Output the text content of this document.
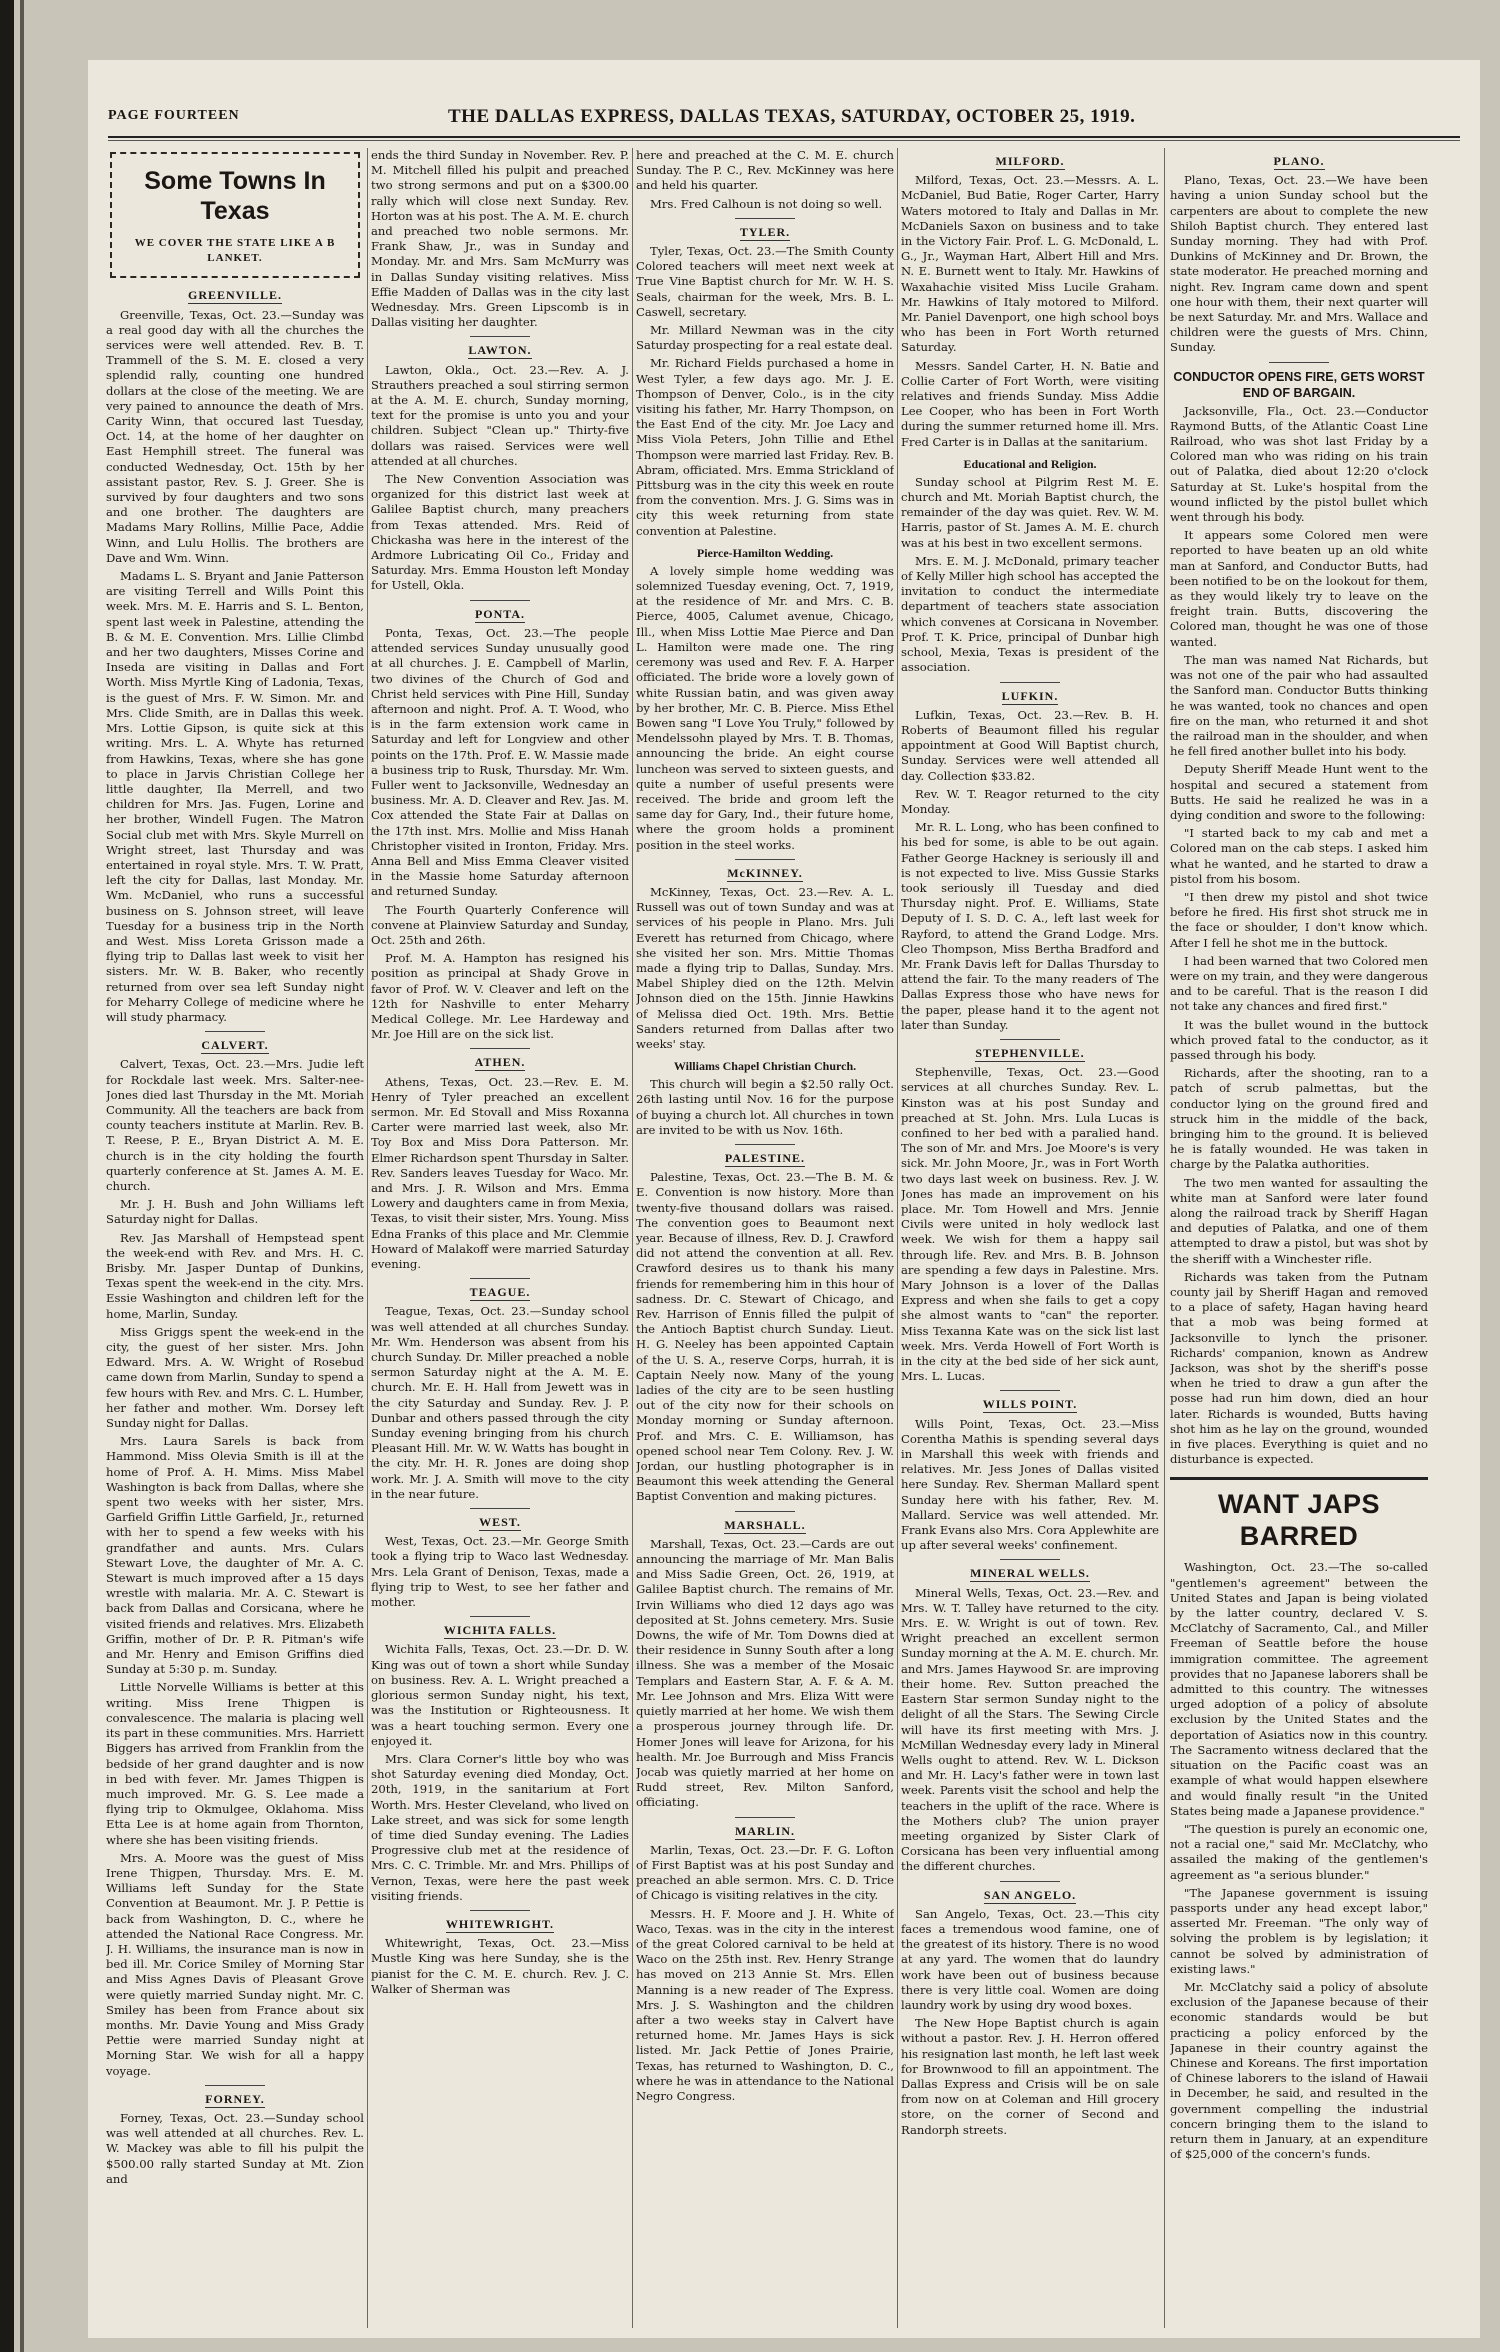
PAGE FOURTEEN	THE DALLAS EXPRESS, DALLAS TEXAS, SATURDAY, OCTOBER 25, 1919.
Some Towns In Texas
WE COVER THE STATE LIKE A B LANKET.
GREENVILLE.

Greenville, Texas, Oct. 23.—Sunday was a real good day with all the churches the services were well attended. Rev. B. T. Trammell of the S. M. E. closed a very splendid rally, counting one hundred dollars at the close of the meeting. We are very pained to announce the death of Mrs. Carity Winn, that occured last Tuesday, Oct. 14, at the home of her daughter on East Hemphill street. The funeral was conducted Wednesday, Oct. 15th by her assistant pastor, Rev. S. J. Greer. She is survived by four daughters and two sons and one brother. The daughters are Madams Mary Rollins, Millie Pace, Addie Winn, and Lulu Hollis. The brothers are Dave and Wm. Winn.

Madams L. S. Bryant and Janie Patterson are visiting Terrell and Wills Point this week. Mrs. M. E. Harris and S. L. Benton, spent last week in Palestine, attending the B. & M. E. Convention. Mrs. Lillie Climbd and her two daughters, Misses Corine and Inseda are visiting in Dallas and Fort Worth. Miss Myrtle King of Ladonia, Texas, is the guest of Mrs. F. W. Simon. Mr. and Mrs. Clide Smith, are in Dallas this week. Mrs. Lottie Gipson, is quite sick at this writing. Mrs. L. A. Whyte has returned from Hawkins, Texas, where she has gone to place in Jarvis Christian College her little daughter, Ila Merrell, and two children for Mrs. Jas. Fugen, Lorine and her brother, Windell Fugen. The Matron Social club met with Mrs. Skyle Murrell on Wright street, last Thursday and was entertained in royal style. Mrs. T. W. Pratt, left the city for Dallas, last Monday. Mr. Wm. McDaniel, who runs a successful business on S. Johnson street, will leave Tuesday for a business trip in the North and West. Miss Loreta Grisson made a flying trip to Dallas last week to visit her sisters. Mr. W. B. Baker, who recently returned from over sea left Sunday night for Meharry College of medicine where he will study pharmacy.

CALVERT.

Calvert, Texas, Oct. 23.—Mrs. Judie left for Rockdale last week. Mrs. Salter-nee-Jones died last Thursday in the Mt. Moriah Community. All the teachers are back from county teachers institute at Marlin. Rev. B. T. Reese, P. E., Bryan District A. M. E. church is in the city holding the fourth quarterly conference at St. James A. M. E. church.

Mr. J. H. Bush and John Williams left Saturday night for Dallas.

Rev. Jas Marshall of Hempstead spent the week-end with Rev. and Mrs. H. C. Brisby. Mr. Jasper Duntap of Dunkins, Texas spent the week-end in the city. Mrs. Essie Washington and children left for the home, Marlin, Sunday.

Miss Griggs spent the week-end in the city, the guest of her sister. Mrs. John Edward. Mrs. A. W. Wright of Rosebud came down from Marlin, Sunday to spend a few hours with Rev. and Mrs. C. L. Humber, her father and mother. Wm. Dorsey left Sunday night for Dallas.

Mrs. Laura Sarels is back from Hammond. Miss Olevia Smith is ill at the home of Prof. A. H. Mims. Miss Mabel Washington is back from Dallas, where she spent two weeks with her sister, Mrs. Garfield Griffin Little Garfield, Jr., returned with her to spend a few weeks with his grandfather and aunts. Mrs. Culars Stewart Love, the daughter of Mr. A. C. Stewart is much improved after a 15 days wrestle with malaria. Mr. A. C. Stewart is back from Dallas and Corsicana, where he visited friends and relatives. Mrs. Elizabeth Griffin, mother of Dr. P. R. Pitman's wife and Mr. Henry and Emison Griffins died Sunday at 5:30 p. m. Sunday.

Little Norvelle Williams is better at this writing. Miss Irene Thigpen is convalescence. The malaria is placing well its part in these communities. Mrs. Harriett Biggers has arrived from Franklin from the bedside of her grand daughter and is now in bed with fever. Mr. James Thigpen is much improved. Mr. G. S. Lee made a flying trip to Okmulgee, Oklahoma. Miss Etta Lee is at home again from Thornton, where she has been visiting friends.

Mrs. A. Moore was the guest of Miss Irene Thigpen, Thursday. Mrs. E. M. Williams left Sunday for the State Convention at Beaumont. Mr. J. P. Pettie is back from Washington, D. C., where he attended the National Race Congress. Mr. J. H. Williams, the insurance man is now in bed ill. Mr. Corice Smiley of Morning Star and Miss Agnes Davis of Pleasant Grove were quietly married Sunday night. Mr. C. Smiley has been from France about six months. Mr. Davie Young and Miss Grady Pettie were married Sunday night at Morning Star. We wish for all a happy voyage.

FORNEY.

Forney, Texas, Oct. 23.—Sunday school was well attended at all churches. Rev. L. W. Mackey was able to fill his pulpit the $500.00 rally started Sunday at Mt. Zion and

ends the third Sunday in November. Rev. P. M. Mitchell filled his pulpit and preached two strong sermons and put on a $300.00 rally which will close next Sunday. Rev. Horton was at his post. The A. M. E. church and preached two noble sermons. Mr. Frank Shaw, Jr., was in Sunday and Monday. Mr. and Mrs. Sam McMurry was in Dallas Sunday visiting relatives. Miss Effie Madden of Dallas was in the city last Wednesday. Mrs. Green Lipscomb is in Dallas visiting her daughter.

LAWTON.

Lawton, Okla., Oct. 23.—Rev. A. J. Strauthers preached a soul stirring sermon at the A. M. E. church, Sunday morning, text for the promise is unto you and your children. Subject "Clean up." Thirty-five dollars was raised. Services were well attended at all churches.

The New Convention Association was organized for this district last week at Galilee Baptist church, many preachers from Texas attended. Mrs. Reid of Chickasha was here in the interest of the Ardmore Lubricating Oil Co., Friday and Saturday. Mrs. Emma Houston left Monday for Ustell, Okla.

PONTA.

Ponta, Texas, Oct. 23.—The people attended services Sunday unusually good at all churches. J. E. Campbell of Marlin, two divines of the Church of God and Christ held services with Pine Hill, Sunday afternoon and night. Prof. A. T. Wood, who is in the farm extension work came in Saturday and left for Longview and other points on the 17th. Prof. E. W. Massie made a business trip to Rusk, Thursday. Mr. Wm. Fuller went to Jacksonville, Wednesday an business. Mr. A. D. Cleaver and Rev. Jas. M. Cox attended the State Fair at Dallas on the 17th inst. Mrs. Mollie and Miss Hanah Christopher visited in Ironton, Friday. Mrs. Anna Bell and Miss Emma Cleaver visited in the Massie home Saturday afternoon and returned Sunday.

The Fourth Quarterly Conference will convene at Plainview Saturday and Sunday, Oct. 25th and 26th.

Prof. M. A. Hampton has resigned his position as principal at Shady Grove in favor of Prof. W. V. Cleaver and left on the 12th for Nashville to enter Meharry Medical College. Mr. Lee Hardeway and Mr. Joe Hill are on the sick list.

ATHEN.

Athens, Texas, Oct. 23.—Rev. E. M. Henry of Tyler preached an excellent sermon. Mr. Ed Stovall and Miss Roxanna Carter were married last week, also Mr. Toy Box and Miss Dora Patterson. Mr. Elmer Richardson spent Thursday in Salter. Rev. Sanders leaves Tuesday for Waco. Mr. and Mrs. J. R. Wilson and Mrs. Emma Lowery and daughters came in from Mexia, Texas, to visit their sister, Mrs. Young. Miss Edna Franks of this place and Mr. Clemmie Howard of Malakoff were married Saturday evening.

TEAGUE.

Teague, Texas, Oct. 23.—Sunday school was well attended at all churches Sunday. Mr. Wm. Henderson was absent from his church Sunday. Dr. Miller preached a noble sermon Saturday night at the A. M. E. church. Mr. E. H. Hall from Jewett was in the city Saturday and Sunday. Rev. J. P. Dunbar and others passed through the city Sunday evening bringing from his church Pleasant Hill. Mr. W. W. Watts has bought in the city. Mr. H. R. Jones are doing shop work. Mr. J. A. Smith will move to the city in the near future.

WEST.

West, Texas, Oct. 23.—Mr. George Smith took a flying trip to Waco last Wednesday. Mrs. Lela Grant of Denison, Texas, made a flying trip to West, to see her father and mother.

WICHITA FALLS.

Wichita Falls, Texas, Oct. 23.—Dr. D. W. King was out of town a short while Sunday on business. Rev. A. L. Wright preached a glorious sermon Sunday night, his text, was the Institution or Righteousness. It was a heart touching sermon. Every one enjoyed it.

Mrs. Clara Corner's little boy who was shot Saturday evening died Monday, Oct. 20th, 1919, in the sanitarium at Fort Worth. Mrs. Hester Cleveland, who lived on Lake street, and was sick for some length of time died Sunday evening. The Ladies Progressive club met at the residence of Mrs. C. C. Trimble. Mr. and Mrs. Phillips of Vernon, Texas, were here the past week visiting friends.

WHITEWRIGHT.

Whitewright, Texas, Oct. 23.—Miss Mustle King was here Sunday, she is the pianist for the C. M. E. church. Rev. J. C. Walker of Sherman was

here and preached at the C. M. E. church Sunday. The P. C., Rev. McKinney was here and held his quarter.

Mrs. Fred Calhoun is not doing so well.

TYLER.

Tyler, Texas, Oct. 23.—The Smith County Colored teachers will meet next week at True Vine Baptist church for Mr. W. H. S. Seals, chairman for the week, Mrs. B. L. Caswell, secretary.

Mr. Millard Newman was in the city Saturday prospecting for a real estate deal.

Mr. Richard Fields purchased a home in West Tyler, a few days ago. Mr. J. E. Thompson of Denver, Colo., is in the city visiting his father, Mr. Harry Thompson, on the East End of the city. Mr. Joe Lacy and Miss Viola Peters, John Tillie and Ethel Thompson were married last Friday. Rev. B. Abram, officiated. Mrs. Emma Strickland of Pittsburg was in the city this week en route from the convention. Mrs. J. G. Sims was in city this week returning from state convention at Palestine.

Pierce-Hamilton Wedding.

A lovely simple home wedding was solemnized Tuesday evening, Oct. 7, 1919, at the residence of Mr. and Mrs. C. B. Pierce, 4005, Calumet avenue, Chicago, Ill., when Miss Lottie Mae Pierce and Dan L. Hamilton were made one. The ring ceremony was used and Rev. F. A. Harper officiated. The bride wore a lovely gown of white Russian batin, and was given away by her brother, Mr. C. B. Pierce. Miss Ethel Bowen sang "I Love You Truly," followed by Mendelssohn played by Mrs. T. B. Thomas, announcing the bride. An eight course luncheon was served to sixteen guests, and quite a number of useful presents were received. The bride and groom left the same day for Gary, Ind., their future home, where the groom holds a prominent position in the steel works.

McKINNEY.

McKinney, Texas, Oct. 23.—Rev. A. L. Russell was out of town Sunday and was at services of his people in Plano. Mrs. Juli Everett has returned from Chicago, where she visited her son. Mrs. Mittie Thomas made a flying trip to Dallas, Sunday. Mrs. Mabel Shipley died on the 12th. Melvin Johnson died on the 15th. Jinnie Hawkins of Melissa died Oct. 19th. Mrs. Bettie Sanders returned from Dallas after two weeks' stay.

Williams Chapel Christian Church.

This church will begin a $2.50 rally Oct. 26th lasting until Nov. 16 for the purpose of buying a church lot. All churches in town are invited to be with us Nov. 16th.

PALESTINE.

Palestine, Texas, Oct. 23.—The B. M. & E. Convention is now history. More than twenty-five thousand dollars was raised. The convention goes to Beaumont next year. Because of illness, Rev. D. J. Crawford did not attend the convention at all. Rev. Crawford desires us to thank his many friends for remembering him in this hour of sadness. Dr. C. Stewart of Chicago, and Rev. Harrison of Ennis filled the pulpit of the Antioch Baptist church Sunday. Lieut. H. G. Neeley has been appointed Captain of the U. S. A., reserve Corps, hurrah, it is Captain Neely now. Many of the young ladies of the city are to be seen hustling out of the city now for their schools on Monday morning or Sunday afternoon. Prof. and Mrs. C. E. Williamson, has opened school near Tem Colony. Rev. J. W. Jordan, our hustling photographer is in Beaumont this week attending the General Baptist Convention and making pictures.

MARSHALL.

Marshall, Texas, Oct. 23.—Cards are out announcing the marriage of Mr. Man Balis and Miss Sadie Green, Oct. 26, 1919, at Galilee Baptist church. The remains of Mr. Irvin Williams who died 12 days ago was deposited at St. Johns cemetery. Mrs. Susie Downs, the wife of Mr. Tom Downs died at their residence in Sunny South after a long illness. She was a member of the Mosaic Templars and Eastern Star, A. F. & A. M. Mr. Lee Johnson and Mrs. Eliza Witt were quietly married at her home. We wish them a prosperous journey through life. Dr. Homer Jones will leave for Arizona, for his health. Mr. Joe Burrough and Miss Francis Jocab was quietly married at her home on Rudd street, Rev. Milton Sanford, officiating.

MARLIN.

Marlin, Texas, Oct. 23.—Dr. F. G. Lofton of First Baptist was at his post Sunday and preached an able sermon. Mrs. C. D. Trice of Chicago is visiting relatives in the city.

Messrs. H. F. Moore and J. H. White of Waco, Texas. was in the city in the interest of the great Colored carnival to be held at Waco on the 25th inst. Rev. Henry Strange has moved on 213 Annie St. Mrs. Ellen Manning is a new reader of The Express. Mrs. J. S. Washington and the children after a two weeks stay in Calvert have returned home. Mr. James Hays is sick listed. Mr. Jack Pettie of Jones Prairie, Texas, has returned to Washington, D. C., where he was in attendance to the National Negro Congress.

MILFORD.

Milford, Texas, Oct. 23.—Messrs. A. L. McDaniel, Bud Batie, Roger Carter, Harry Waters motored to Italy and Dallas in Mr. McDaniels Saxon on business and to take in the Victory Fair. Prof. L. G. McDonald, L. G., Jr., Wayman Hart, Albert Hill and Mrs. N. E. Burnett went to Italy. Mr. Hawkins of Waxahachie visited Miss Lucile Graham. Mr. Hawkins of Italy motored to Milford. Mr. Paniel Davenport, one high school boys who has been in Fort Worth returned Saturday.

Messrs. Sandel Carter, H. N. Batie and Collie Carter of Fort Worth, were visiting relatives and friends Sunday. Miss Addie Lee Cooper, who has been in Fort Worth during the summer returned home ill. Mrs. Fred Carter is in Dallas at the sanitarium.

Educational and Religion.

Sunday school at Pilgrim Rest M. E. church and Mt. Moriah Baptist church, the remainder of the day was quiet. Rev. W. M. Harris, pastor of St. James A. M. E. church was at his best in two excellent sermons.

Mrs. E. M. J. McDonald, primary teacher of Kelly Miller high school has accepted the invitation to conduct the intermediate department of teachers state association which convenes at Corsicana in November. Prof. T. K. Price, principal of Dunbar high school, Mexia, Texas is president of the association.

LUFKIN.

Lufkin, Texas, Oct. 23.—Rev. B. H. Roberts of Beaumont filled his regular appointment at Good Will Baptist church, Sunday. Services were well attended all day. Collection $33.82.

Rev. W. T. Reagor returned to the city Monday.

Mr. R. L. Long, who has been confined to his bed for some, is able to be out again. Father George Hackney is seriously ill and is not expected to live. Miss Gussie Starks took seriously ill Tuesday and died Thursday night. Prof. E. Williams, State Deputy of I. S. D. C. A., left last week for Rayford, to attend the Grand Lodge. Mrs. Cleo Thompson, Miss Bertha Bradford and Mr. Frank Davis left for Dallas Thursday to attend the fair. To the many readers of The Dallas Express those who have news for the paper, please hand it to the agent not later than Sunday.

STEPHENVILLE.

Stephenville, Texas, Oct. 23.—Good services at all churches Sunday. Rev. L. Kinston was at his post Sunday and preached at St. John. Mrs. Lula Lucas is confined to her bed with a paralied hand. The son of Mr. and Mrs. Joe Moore's is very sick. Mr. John Moore, Jr., was in Fort Worth two days last week on business. Rev. J. W. Jones has made an improvement on his place. Mr. Tom Howell and Mrs. Jennie Civils were united in holy wedlock last week. We wish for them a happy sail through life. Rev. and Mrs. B. B. Johnson are spending a few days in Palestine. Mrs. Mary Johnson is a lover of the Dallas Express and when she fails to get a copy she almost wants to "can" the reporter. Miss Texanna Kate was on the sick list last week. Mrs. Verda Howell of Fort Worth is in the city at the bed side of her sick aunt, Mrs. L. Lucas.

WILLS POINT.

Wills Point, Texas, Oct. 23.—Miss Corentha Mathis is spending several days in Marshall this week with friends and relatives. Mr. Jess Jones of Dallas visited here Sunday. Rev. Sherman Mallard spent Sunday here with his father, Rev. M. Mallard. Service was well attended. Mr. Frank Evans also Mrs. Cora Applewhite are up after several weeks' confinement.

MINERAL WELLS.

Mineral Wells, Texas, Oct. 23.—Rev. and Mrs. W. T. Talley have returned to the city. Mrs. E. W. Wright is out of town. Rev. Wright preached an excellent sermon Sunday morning at the A. M. E. church. Mr. and Mrs. James Haywood Sr. are improving their home. Rev. Sutton preached the Eastern Star sermon Sunday night to the delight of all the Stars. The Sewing Circle will have its first meeting with Mrs. J. McMillan Wednesday every lady in Mineral Wells ought to attend. Rev. W. L. Dickson and Mr. H. Lacy's father were in town last week. Parents visit the school and help the teachers in the uplift of the race. Where is the Mothers club? The union prayer meeting organized by Sister Clark of Corsicana has been very influential among the different churches.

SAN ANGELO.

San Angelo, Texas, Oct. 23.—This city faces a tremendous wood famine, one of the greatest of its history. There is no wood at any yard. The women that do laundry work have been out of business because there is very little coal. Women are doing laundry work by using dry wood boxes.

The New Hope Baptist church is again without a pastor. Rev. J. H. Herron offered his resignation last month, he left last week for Brownwood to fill an appointment. The Dallas Express and Crisis will be on sale from now on at Coleman and Hill grocery store, on the corner of Second and Randorph streets.

PLANO.

Plano, Texas, Oct. 23.—We have been having a union Sunday school but the carpenters are about to complete the new Shiloh Baptist church. They entered last Sunday morning. They had with Prof. Dunkins of McKinney and Dr. Brown, the state moderator. He preached morning and night. Rev. Ingram came down and spent one hour with them, their next quarter will be next Saturday. Mr. and Mrs. Wallace and children were the guests of Mrs. Chinn, Sunday.

CONDUCTOR OPENS FIRE, GETS WORST END OF BARGAIN.

Jacksonville, Fla., Oct. 23.—Conductor Raymond Butts, of the Atlantic Coast Line Railroad, who was shot last Friday by a Colored man who was riding on his train out of Palatka, died about 12:20 o'clock Saturday at St. Luke's hospital from the wound inflicted by the pistol bullet which went through his body.

It appears some Colored men were reported to have beaten up an old white man at Sanford, and Conductor Butts, had been notified to be on the lookout for them, as they would likely try to leave on the freight train. Butts, discovering the Colored man, thought he was one of those wanted.

The man was named Nat Richards, but was not one of the pair who had assaulted the Sanford man. Conductor Butts thinking he was wanted, took no chances and open fire on the man, who returned it and shot the railroad man in the shoulder, and when he fell fired another bullet into his body.

Deputy Sheriff Meade Hunt went to the hospital and secured a statement from Butts. He said he realized he was in a dying condition and swore to the following:

"I started back to my cab and met a Colored man on the cab steps. I asked him what he wanted, and he started to draw a pistol from his bosom.

"I then drew my pistol and shot twice before he fired. His first shot struck me in the face or shoulder, I don't know which. After I fell he shot me in the buttock.

I had been warned that two Colored men were on my train, and they were dangerous and to be careful. That is the reason I did not take any chances and fired first."

It was the bullet wound in the buttock which proved fatal to the conductor, as it passed through his body.

Richards, after the shooting, ran to a patch of scrub palmettas, but the conductor lying on the ground fired and struck him in the middle of the back, bringing him to the ground. It is believed he is fatally wounded. He was taken in charge by the Palatka authorities.

The two men wanted for assaulting the white man at Sanford were later found along the railroad track by Sheriff Hagan and deputies of Palatka, and one of them attempted to draw a pistol, but was shot by the sheriff with a Winchester rifle.

Richards was taken from the Putnam county jail by Sheriff Hagan and removed to a place of safety, Hagan having heard that a mob was being formed at Jacksonville to lynch the prisoner. Richards' companion, known as Andrew Jackson, was shot by the sheriff's posse when he tried to draw a gun after the posse had run him down, died an hour later. Richards is wounded, Butts having shot him as he lay on the ground, wounded in five places. Everything is quiet and no disturbance is expected.

WANT JAPS BARRED

Washington, Oct. 23.—The so-called "gentlemen's agreement" between the United States and Japan is being violated by the latter country, declared V. S. McClatchy of Sacramento, Cal., and Miller Freeman of Seattle before the house immigration committee. The agreement provides that no Japanese laborers shall be admitted to this country. The witnesses urged adoption of a policy of absolute exclusion by the United States and the deportation of Asiatics now in this country. The Sacramento witness declared that the situation on the Pacific coast was an example of what would happen elsewhere and would finally result "in the United States being made a Japanese providence."

"The question is purely an economic one, not a racial one," said Mr. McClatchy, who assailed the making of the gentlemen's agreement as "a serious blunder."

"The Japanese government is issuing passports under any head except labor," asserted Mr. Freeman. "The only way of solving the problem is by legislation; it cannot be solved by administration of existing laws."

Mr. McClatchy said a policy of absolute exclusion of the Japanese because of their economic standards would be but practicing a policy enforced by the Japanese in their country against the Chinese and Koreans. The first importation of Chinese laborers to the island of Hawaii in December, he said, and resulted in the government compelling the industrial concern bringing them to the island to return them in January, at an expenditure of $25,000 of the concern's funds.
